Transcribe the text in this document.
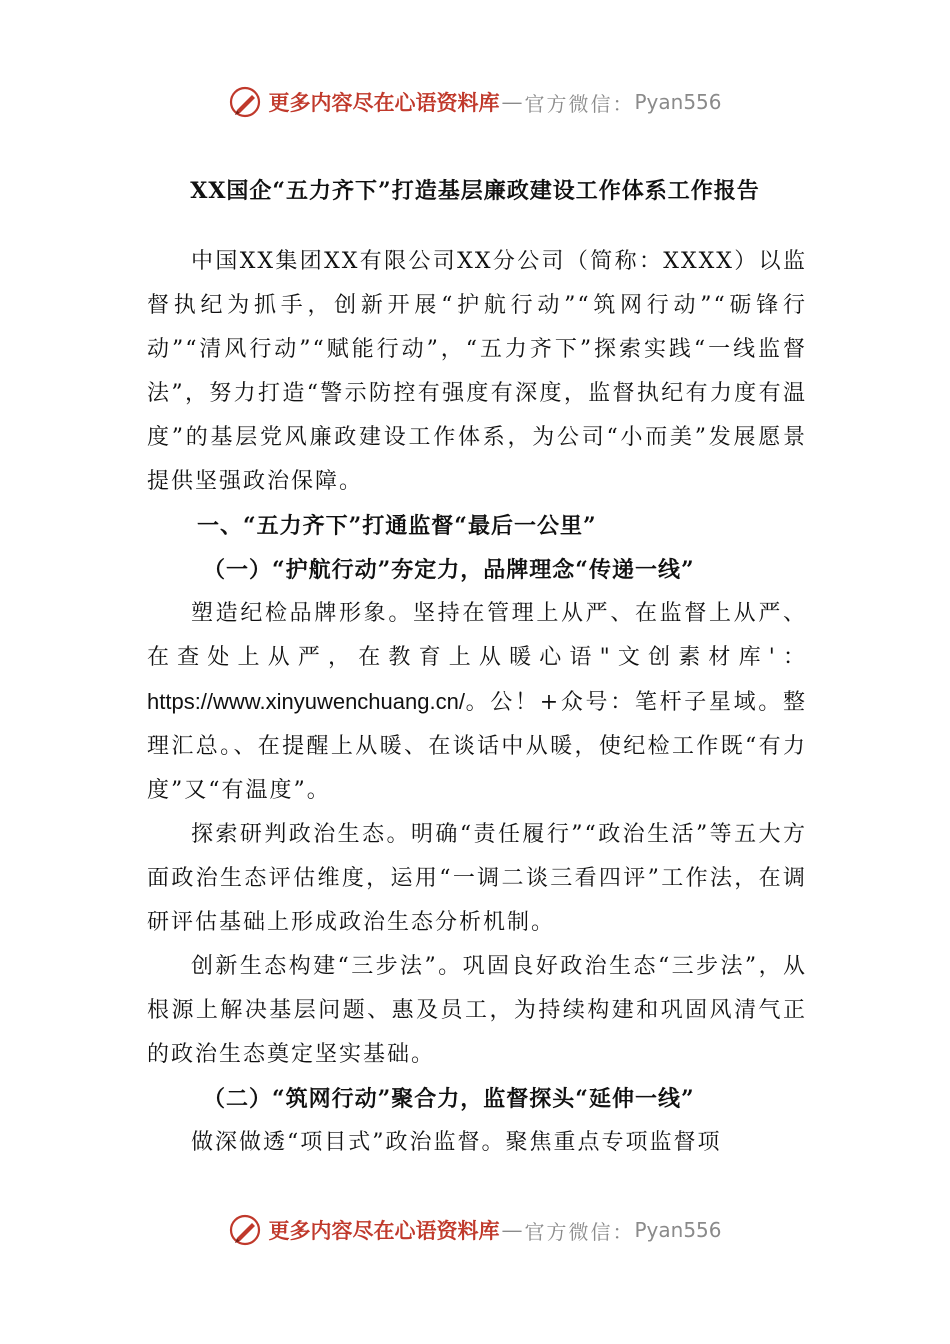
更多内容尽在心语资料库 — 官方微信： Pyan556
XX国企“五力齐下”打造基层廉政建设工作体系工作报告

中国XX集团XX有限公司XX分公司（简称：XXXX）以监督执纪为抓手，创新开展“护航行动”“筑网行动”“砺锋行动”“清风行动”“赋能行动”，“五力齐下”探索实践“一线监督法”，努力打造“警示防控有强度有深度，监督执纪有力度有温度”的基层党风廉政建设工作体系，为公司“小而美”发展愿景提供坚强政治保障。

一、“五力齐下”打通监督“最后一公里”

（一）“护航行动”夯定力，品牌理念“传递一线”

塑造纪检品牌形象。坚持在管理上从严、在监督上从严、在查处上从严，在教育上从暖心语"文创素材库'：https://www.xinyuwenchuang.cn/。公！+众号：笔杆子星域。整理汇总。、在提醒上从暖、在谈话中从暖，使纪检工作既“有力度”又“有温度”。

探索研判政治生态。明确“责任履行”“政治生活”等五大方面政治生态评估维度，运用“一调二谈三看四评”工作法，在调研评估基础上形成政治生态分析机制。

创新生态构建“三步法”。巩固良好政治生态“三步法”，从根源上解决基层问题、惠及员工，为持续构建和巩固风清气正的政治生态奠定坚实基础。

（二）“筑网行动”聚合力，监督探头“延伸一线”

做深做透“项目式”政治监督。聚焦重点专项监督项

更多内容尽在心语资料库 — 官方微信： Pyan556
